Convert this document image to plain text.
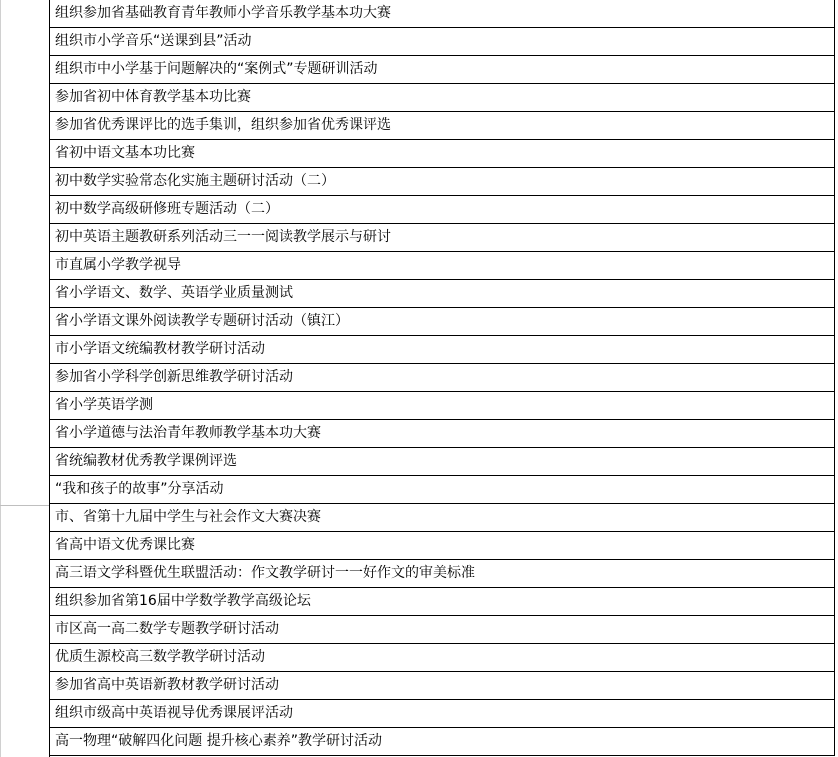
组织参加省基础教育青年教师小学音乐教学基本功大赛
组织市小学音乐“送课到县”活动
组织市中小学基于问题解决的“案例式”专题研训活动
参加省初中体育教学基本功比赛
参加省优秀课评比的选手集训，组织参加省优秀课评选
省初中语文基本功比赛
初中数学实验常态化实施主题研讨活动（二）
初中数学高级研修班专题活动（二）
初中英语主题教研系列活动三一一阅读教学展示与研讨
市直属小学教学视导
省小学语文、数学、英语学业质量测试
省小学语文课外阅读教学专题研讨活动（镇江）
市小学语文统编教材教学研讨活动
参加省小学科学创新思维教学研讨活动
省小学英语学测
省小学道德与法治青年教师教学基本功大赛
省统编教材优秀教学课例评选
“我和孩子的故事”分享活动
市、省第十九届中学生与社会作文大赛决赛
省高中语文优秀课比赛
高三语文学科暨优生联盟活动：作文教学研讨一一好作文的审美标准
组织参加省第16届中学数学教学高级论坛
市区高一高二数学专题教学研讨活动
优质生源校高三数学教学研讨活动
参加省高中英语新教材教学研讨活动
组织市级高中英语视导优秀课展评活动
高一物理“破解四化问题 提升核心素养”教学研讨活动
